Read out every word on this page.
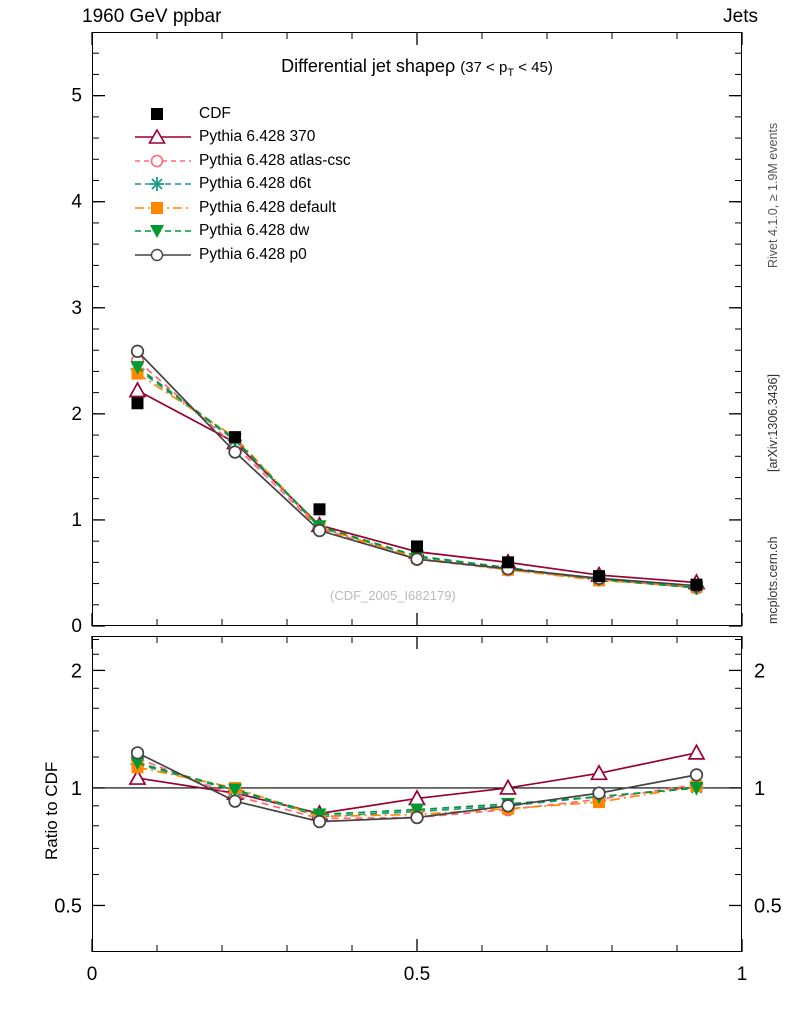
1960 GeV ppbar	Jets
Rivet 4.1.0, ≥ 1.9M events
[arXiv:1306.3436]
mcplots.cern.ch
Differential jet shapeρ $(37 < p_T < 45)$
(CDF_2005_I682179)
CDF
Pythia 6.428 370
Pythia 6.428 atlas-csc
Pythia 6.428 d6t
Pythia 6.428 default
Pythia 6.428 dw
Pythia 6.428 p0
Ratio to CDF
0
1
2
3
4
5
0.5	0.5
1	1
2	2
0	0.5	1
